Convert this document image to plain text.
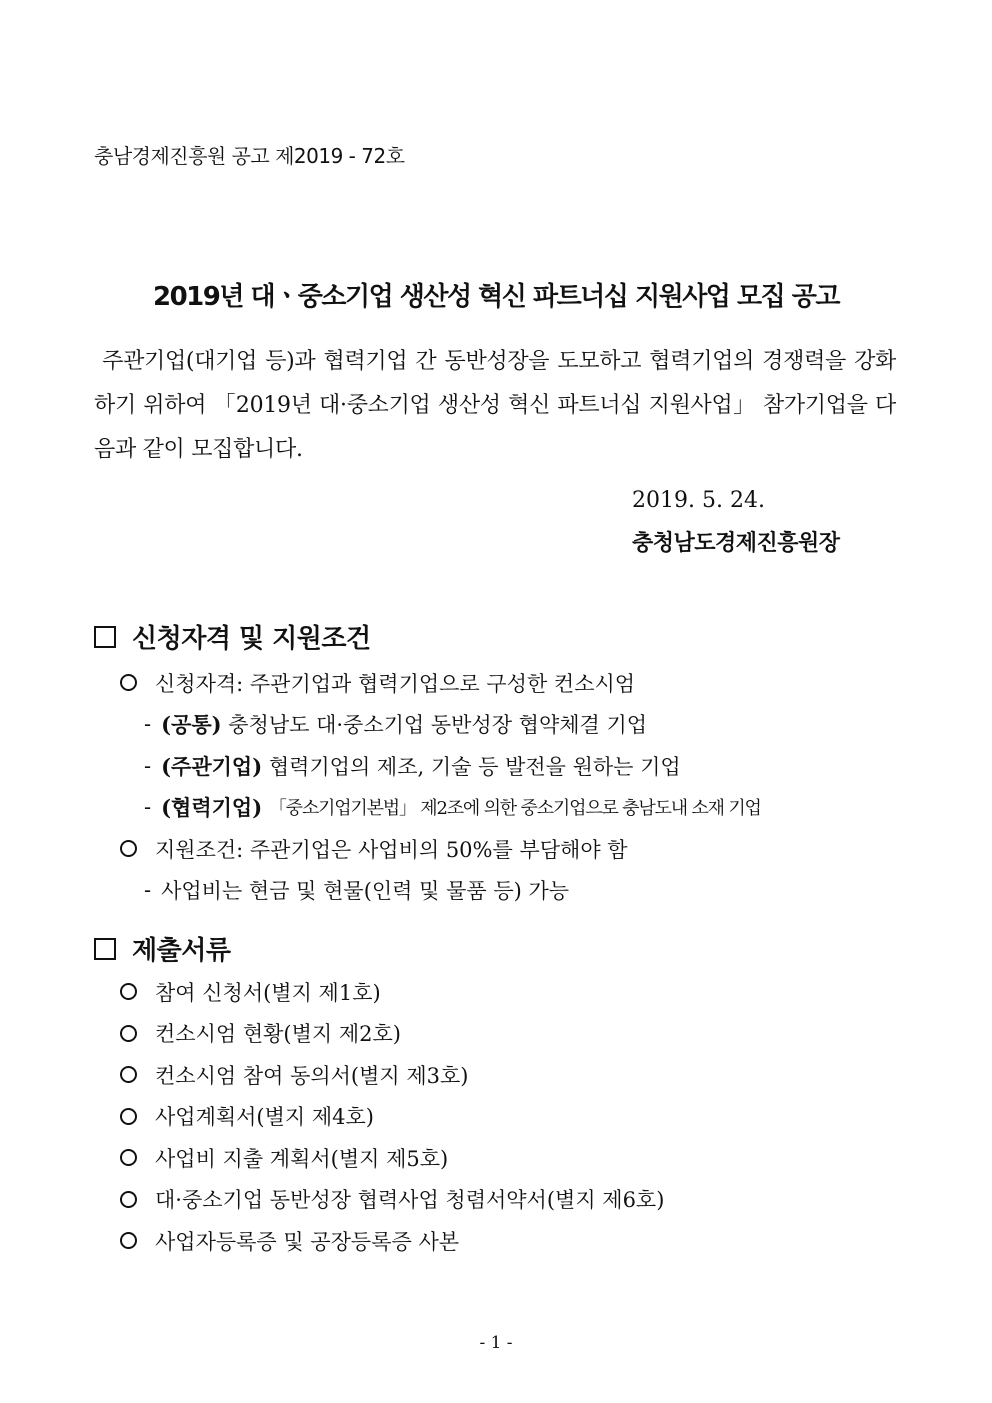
충남경제진흥원 공고 제2019 - 72호
2019년 대ㆍ중소기업 생산성 혁신 파트너십 지원사업 모집 공고

주관기업(대기업 등)과 협력기업 간 동반성장을 도모하고 협력기업의 경쟁력을 강화하기 위하여 「2019년 대·중소기업 생산성 혁신 파트너십 지원사업」 참가기업을 다음과 같이 모집합니다.

2019. 5. 24.
충청남도경제진흥원장
신청자격 및 지원조건
신청자격: 주관기업과 협력기업으로 구성한 컨소시엄
- (공통)
충청남도 대·중소기업 동반성장 협약체결 기업
- (주관기업)
협력기업의 제조, 기술 등 발전을 원하는 기업
- (협력기업)
「중소기업기본법」 제2조에 의한 중소기업으로 충남도내 소재 기업
지원조건: 주관기업은 사업비의 50%를 부담해야 함
- 사업비는 현금 및 현물(인력 및 물품 등) 가능
제출서류
참여 신청서(별지 제1호)
컨소시엄 현황(별지 제2호)
컨소시엄 참여 동의서(별지 제3호)
사업계획서(별지 제4호)
사업비 지출 계획서(별지 제5호)
대·중소기업 동반성장 협력사업 청렴서약서(별지 제6호)
사업자등록증 및 공장등록증 사본
- 1 -
